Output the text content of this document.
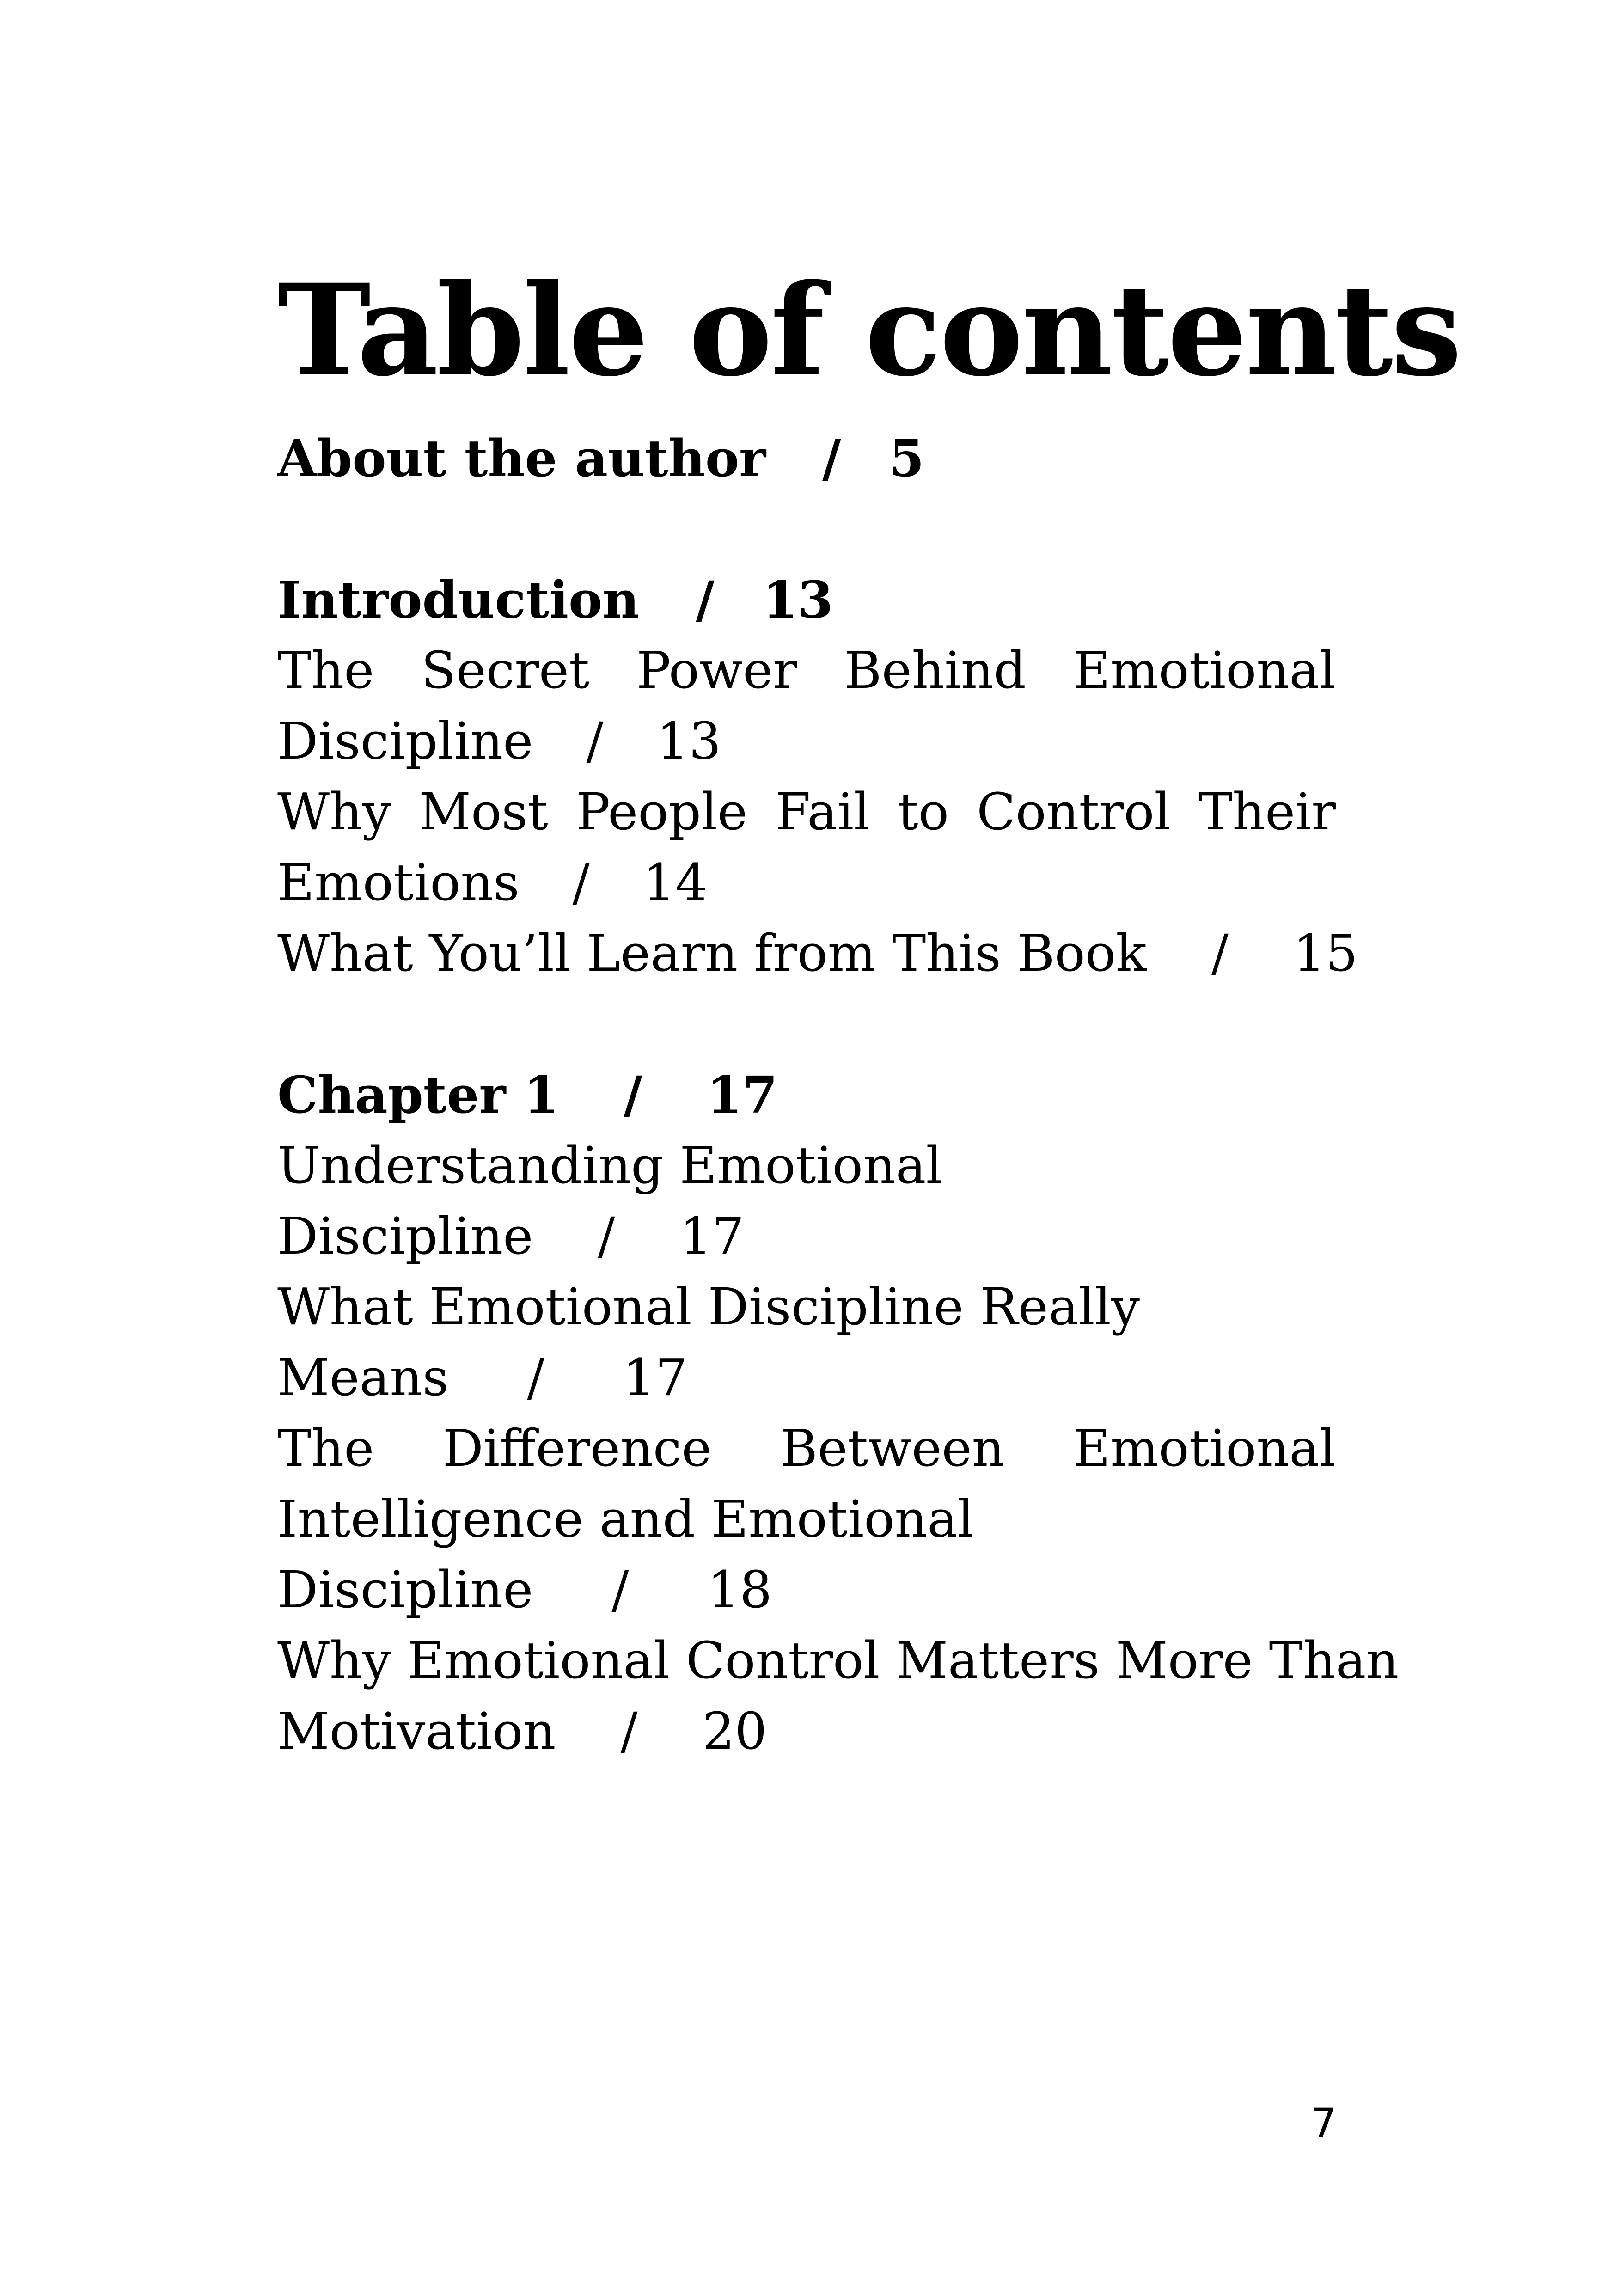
Table of contents
About the author / 5
Introduction / 13
The Secret Power Behind Emotional
Discipline / 13
Why Most People Fail to Control Their
Emotions / 14
What You’ll Learn from This Book / 15
Chapter 1 / 17
Understanding Emotional
Discipline / 17
What Emotional Discipline Really
Means / 17
The Difference Between Emotional
Intelligence and Emotional
Discipline / 18
Why Emotional Control Matters More Than
Motivation / 20
7
